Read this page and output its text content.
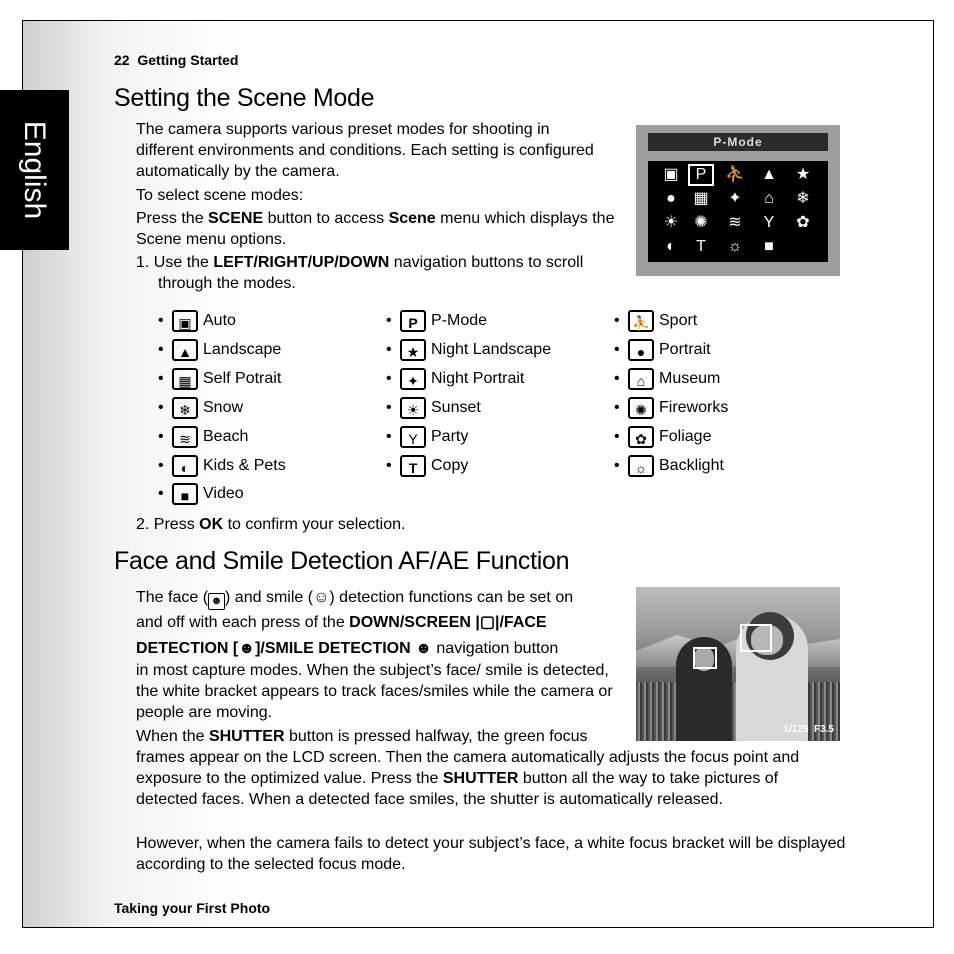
English
22 Getting Started
Setting the Scene Mode
The camera supports various preset modes for shooting in different environments and conditions. Each setting is configured automatically by the camera.
To select scene modes:
Press the SCENE button to access Scene menu which displays the Scene menu options.
1. Use the LEFT/RIGHT/UP/DOWN navigation buttons to scroll through the modes.
P-Mode
▣	P	⛹	▲	★
●	▦	✦	⌂	❄
☀	✺	≋	Y	✿
◐	T	☼	■
• ▣ Auto
• ▲ Landscape
• ▦ Self Potrait
• ❄ Snow
• ≋ Beach
• ◐ Kids & Pets
• ■ Video
• P P-Mode
• ★ Night Landscape
• ✦ Night Portrait
• ☀ Sunset
• Y Party
• T Copy
• ⛹ Sport
• ● Portrait
• ⌂ Museum
• ✺ Fireworks
• ✿ Foliage
• ☼ Backlight
2. Press OK to confirm your selection.
Face and Smile Detection AF/AE Function
The face ( ☻ ) and smile (☺) detection functions can be set on
and off with each press of the DOWN/SCREEN |▢|/FACE
DETECTION [☻]/SMILE DETECTION ☻ navigation button
in most capture modes. When the subject’s face/ smile is detected, the white bracket appears to track faces/smiles while the camera or people are moving.
When the SHUTTER button is pressed halfway, the green focus
frames appear on the LCD screen. Then the camera automatically adjusts the focus point and exposure to the optimized value. Press the SHUTTER button all the way to take pictures of detected faces. When a detected face smiles, the shutter is automatically released.
However, when the camera fails to detect your subject’s face, a white focus bracket will be displayed according to the selected focus mode.
1/125 F3.5
Taking your First Photo
